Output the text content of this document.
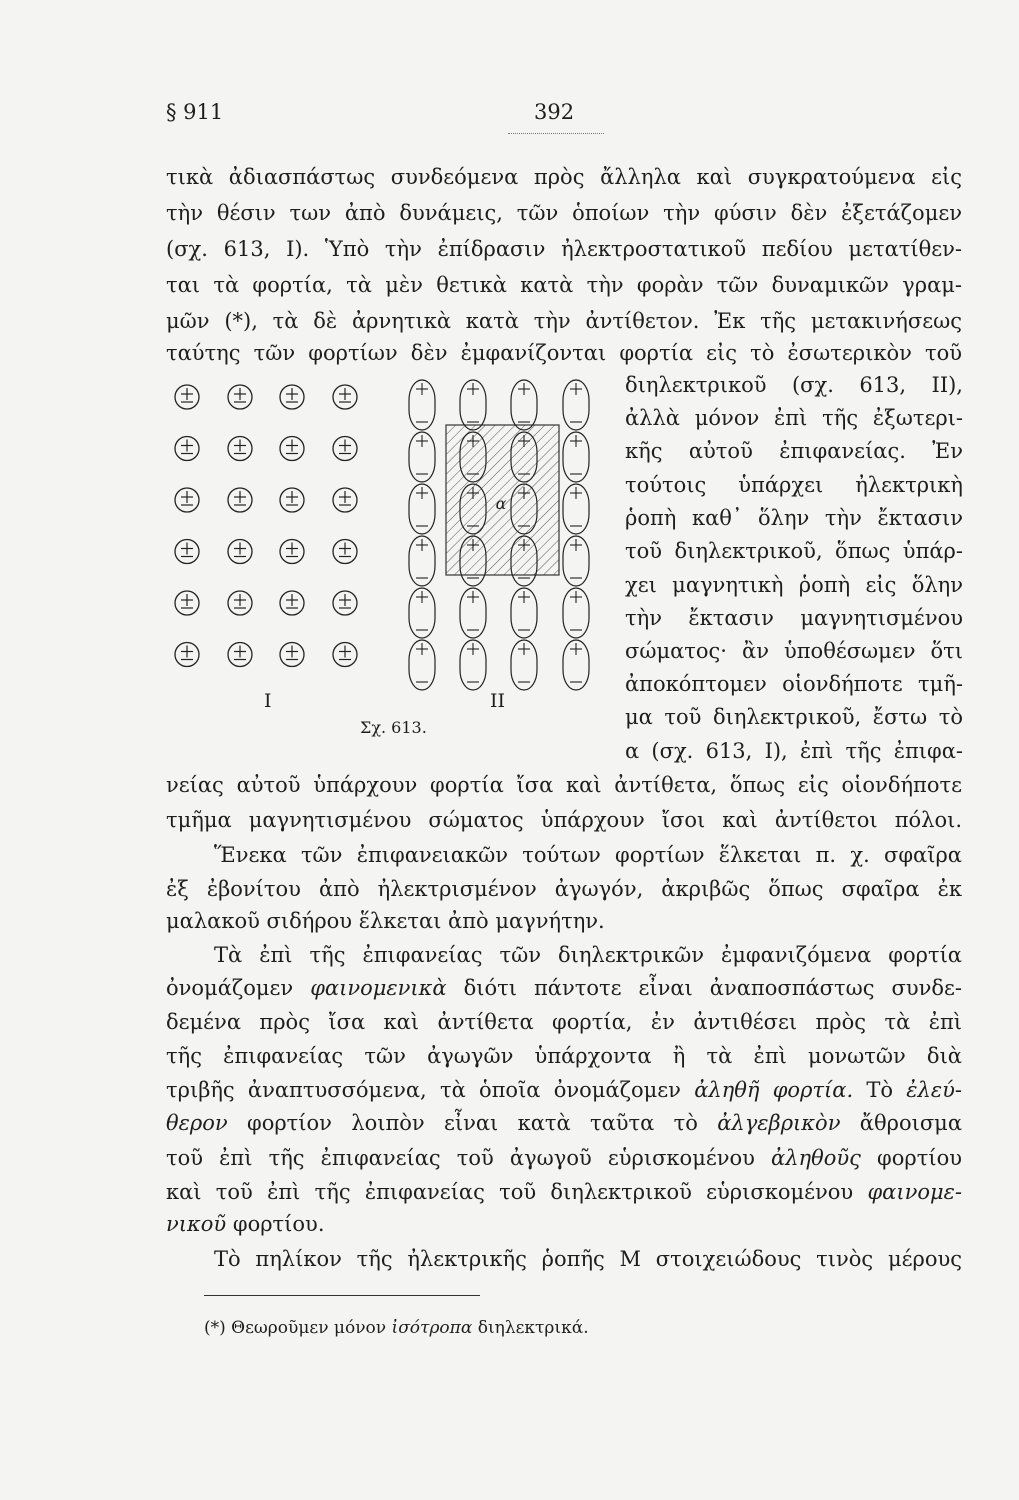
§ 911	392
τικὰ ἀδιασπάστως συνδεόμενα πρὸς ἄλληλα καὶ συγκρατούμενα εἰς
τὴν θέσιν των ἀπὸ δυνάμεις, τῶν ὁποίων τὴν φύσιν δὲν ἐξετάζομεν
(σχ. 613, I). Ὑπὸ τὴν ἐπίδρασιν ἠλεκτροστατικοῦ πεδίου μετατίθεν-
ται τὰ φορτία, τὰ μὲν θετικὰ κατὰ τὴν φορὰν τῶν δυναμικῶν γραμ-
μῶν (*), τὰ δὲ ἀρνητικὰ κατὰ τὴν ἀντίθετον. Ἐκ τῆς μετακινήσεως
ταύτης τῶν φορτίων δὲν ἐμφανίζονται φορτία εἰς τὸ ἐσωτερικὸν τοῦ
διηλεκτρικοῦ (σχ. 613, II),
ἀλλὰ μόνον ἐπὶ τῆς ἐξωτερι-
κῆς αὐτοῦ ἐπιφανείας. Ἐν
τούτοις ὑπάρχει ἠλεκτρικὴ
ῥοπὴ καθ᾽ ὅλην τὴν ἔκτασιν
τοῦ διηλεκτρικοῦ, ὅπως ὑπάρ-
χει μαγνητικὴ ῥοπὴ εἰς ὅλην
τὴν ἔκτασιν μαγνητισμένου
σώματος· ἂν ὑποθέσωμεν ὅτι
ἀποκόπτομεν οἱονδήποτε τμῆ-
μα τοῦ διηλεκτρικοῦ, ἔστω τὸ
α (σχ. 613, I), ἐπὶ τῆς ἐπιφα-
α
I	II
Σχ. 613.
νείας αὐτοῦ ὑπάρχουν φορτία ἴσα καὶ ἀντίθετα, ὅπως εἰς οἱονδήποτε
τμῆμα μαγνητισμένου σώματος ὑπάρχουν ἴσοι καὶ ἀντίθετοι πόλοι.
Ἕνεκα τῶν ἐπιφανειακῶν τούτων φορτίων ἕλκεται π. χ. σφαῖρα
ἐξ ἐβονίτου ἀπὸ ἠλεκτρισμένον ἀγωγόν, ἀκριβῶς ὅπως σφαῖρα ἐκ
μαλακοῦ σιδήρου ἕλκεται ἀπὸ μαγνήτην.
Τὰ ἐπὶ τῆς ἐπιφανείας τῶν διηλεκτρικῶν ἐμφανιζόμενα φορτία
ὀνομάζομεν φαινομενικὰ διότι πάντοτε εἶναι ἀναποσπάστως συνδε-
δεμένα πρὸς ἴσα καὶ ἀντίθετα φορτία, ἐν ἀντιθέσει πρὸς τὰ ἐπὶ
τῆς ἐπιφανείας τῶν ἀγωγῶν ὑπάρχοντα ἢ τὰ ἐπὶ μονωτῶν διὰ
τριβῆς ἀναπτυσσόμενα, τὰ ὁποῖα ὀνομάζομεν ἀληθῆ φορτία. Τὸ ἐλεύ-
θερον φορτίον λοιπὸν εἶναι κατὰ ταῦτα τὸ ἀλγεβρικὸν ἄθροισμα
τοῦ ἐπὶ τῆς ἐπιφανείας τοῦ ἀγωγοῦ εὑρισκομένου ἀληθοῦς φορτίου
καὶ τοῦ ἐπὶ τῆς ἐπιφανείας τοῦ διηλεκτρικοῦ εὑρισκομένου φαινομε-
νικοῦ φορτίου.
Τὸ πηλίκον τῆς ἠλεκτρικῆς ῥοπῆς Μ στοιχειώδους τινὸς μέρους
(*) Θεωροῦμεν μόνον ἰσότροπα διηλεκτρικά.
